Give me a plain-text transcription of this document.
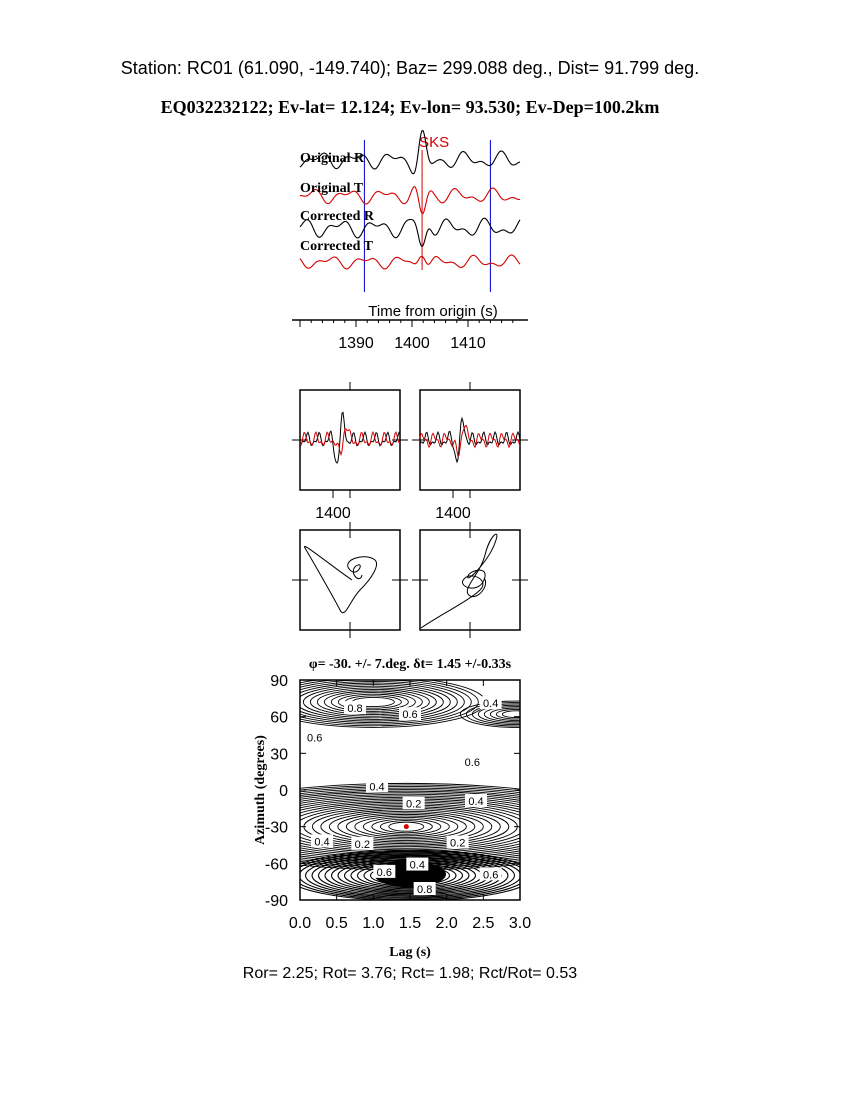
Station: RC01 (61.090, -149.740); Baz= 299.088 deg., Dist= 91.799 deg.
EQ032232122; Ev-lat= 12.124; Ev-lon= 93.530; Ev-Dep=100.2km
SKS
Original R
Original T
Corrected R
Corrected T
Time from origin (s)
1390 1400 1410
1400	1400
φ= -30. +/- 7.deg. δt= 1.45 +/-0.33s
0.8
0.6
0.4
0.6
0.6
0.4
0.2	0.4
0.4 0.2	0.2
0.4
0.6	0.6
0.8
0.0 0.5 1.0 1.5 2.0 2.5 3.0
90
60
30
0
-30
-60
-90
Lag (s)
Azimuth (degrees)
Ror= 2.25; Rot= 3.76; Rct= 1.98; Rct/Rot= 0.53
